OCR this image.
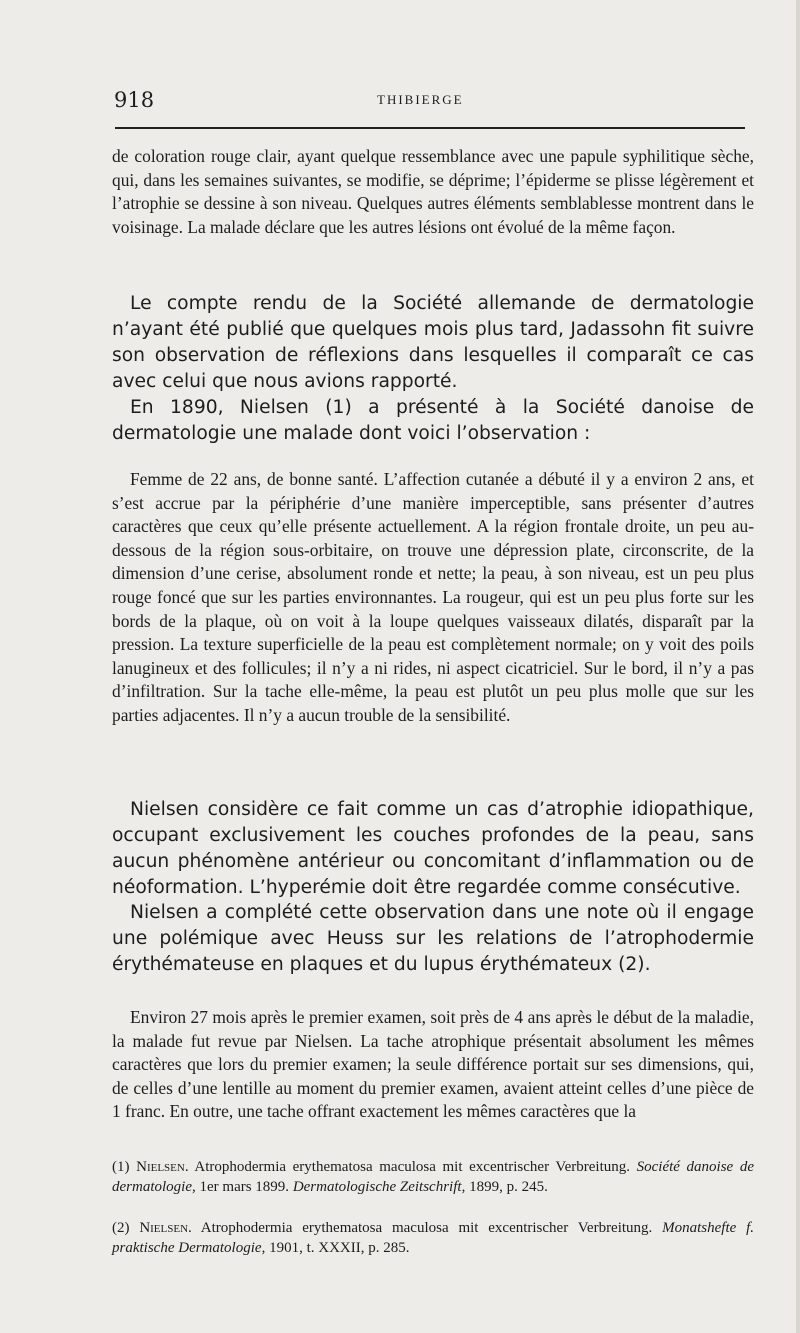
918	THIBIERGE

de coloration rouge clair, ayant quelque ressemblance avec une papule syphilitique sèche, qui, dans les semaines suivantes, se modifie, se déprime; l’épiderme se plisse légèrement et l’atrophie se dessine à son niveau. Quelques autres éléments semblablesse montrent dans le voisinage. La malade déclare que les autres lésions ont évolué de la même façon.

Le compte rendu de la Société allemande de dermatologie n’ayant été publié que quelques mois plus tard, Jadassohn fit suivre son observation de réflexions dans lesquelles il comparaît ce cas avec celui que nous avions rapporté.

En 1890, Nielsen (1) a présenté à la Société danoise de dermatologie une malade dont voici l’observation :

Femme de 22 ans, de bonne santé. L’affection cutanée a débuté il y a environ 2 ans, et s’est accrue par la périphérie d’une manière imperceptible, sans présenter d’autres caractères que ceux qu’elle présente actuellement. A la région frontale droite, un peu au-dessous de la région sous-orbitaire, on trouve une dépression plate, circonscrite, de la dimension d’une cerise, absolument ronde et nette; la peau, à son niveau, est un peu plus rouge foncé que sur les parties environnantes. La rougeur, qui est un peu plus forte sur les bords de la plaque, où on voit à la loupe quelques vaisseaux dilatés, disparaît par la pression. La texture superficielle de la peau est complètement normale; on y voit des poils lanugineux et des follicules; il n’y a ni rides, ni aspect cicatriciel. Sur le bord, il n’y a pas d’infiltration. Sur la tache elle-même, la peau est plutôt un peu plus molle que sur les parties adjacentes. Il n’y a aucun trouble de la sensibilité.

Nielsen considère ce fait comme un cas d’atrophie idiopathique, occupant exclusivement les couches profondes de la peau, sans aucun phénomène antérieur ou concomitant d’inflammation ou de néoformation. L’hyperémie doit être regardée comme consécutive.

Nielsen a complété cette observation dans une note où il engage une polémique avec Heuss sur les relations de l’atrophodermie érythémateuse en plaques et du lupus érythémateux (2).

Environ 27 mois après le premier examen, soit près de 4 ans après le début de la maladie, la malade fut revue par Nielsen. La tache atrophique présentait absolument les mêmes caractères que lors du premier examen; la seule différence portait sur ses dimensions, qui, de celles d’une lentille au moment du premier examen, avaient atteint celles d’une pièce de 1 franc. En outre, une tache offrant exactement les mêmes caractères que la

(1) Nielsen. Atrophodermia erythematosa maculosa mit excentrischer Verbreitung. Société danoise de dermatologie, 1er mars 1899. Dermatologische Zeitschrift, 1899, p. 245.
(2) Nielsen. Atrophodermia erythematosa maculosa mit excentrischer Verbreitung. Monatshefte f. praktische Dermatologie, 1901, t. XXXII, p. 285.
